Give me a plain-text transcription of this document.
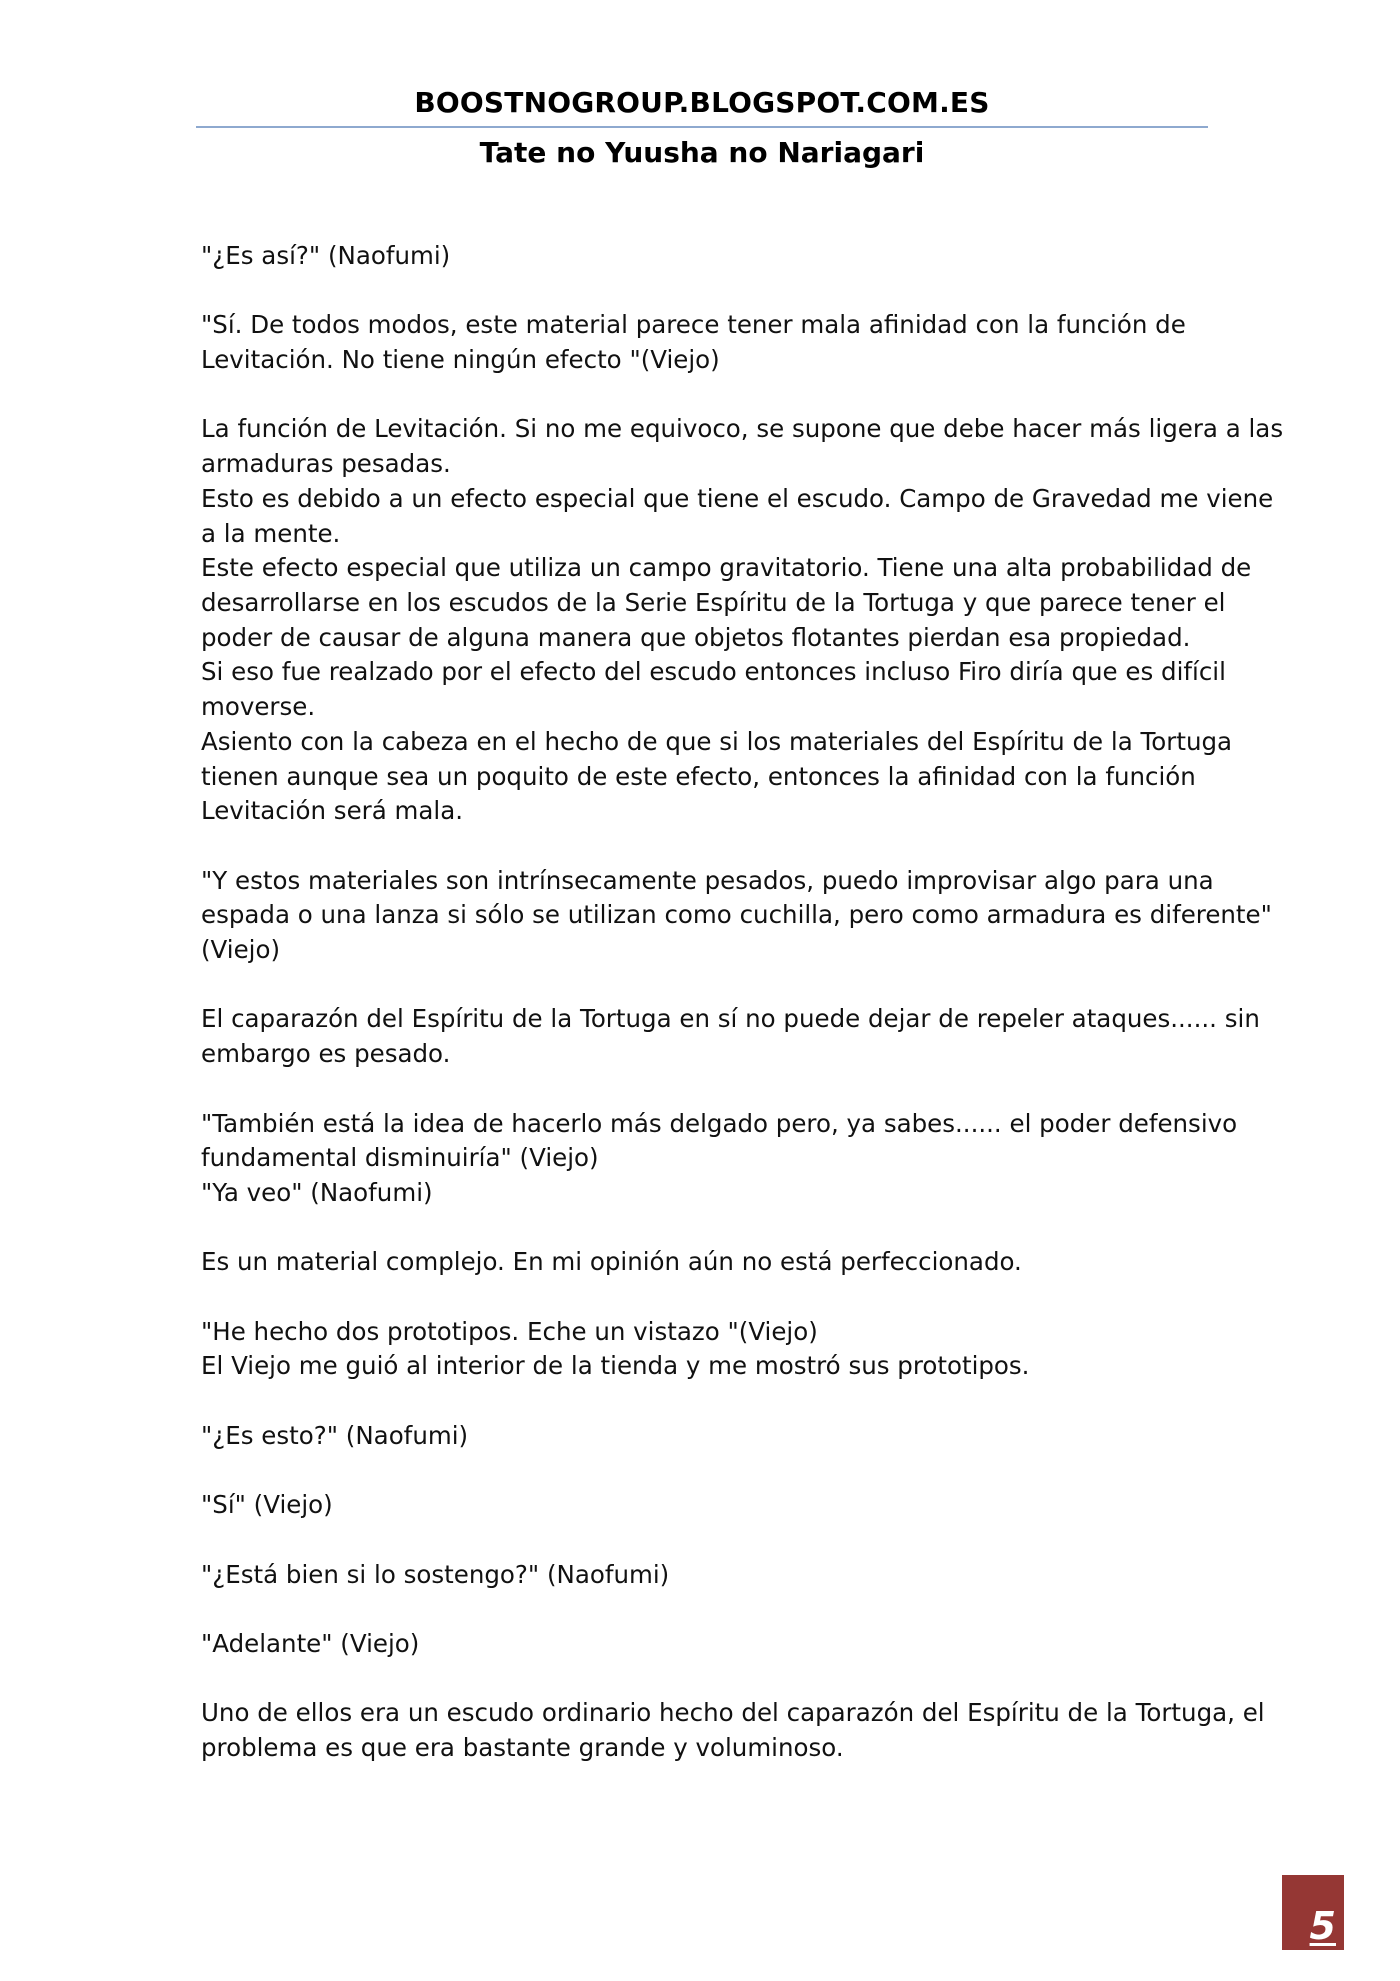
BOOSTNOGROUP.BLOGSPOT.COM.ES
Tate no Yuusha no Nariagari
"¿Es así?" (Naofumi)
"Sí. De todos modos, este material parece tener mala afinidad con la función de
Levitación. No tiene ningún efecto "(Viejo)
La función de Levitación. Si no me equivoco, se supone que debe hacer más ligera a las
armaduras pesadas.
Esto es debido a un efecto especial que tiene el escudo. Campo de Gravedad me viene
a la mente.
Este efecto especial que utiliza un campo gravitatorio. Tiene una alta probabilidad de
desarrollarse en los escudos de la Serie Espíritu de la Tortuga y que parece tener el
poder de causar de alguna manera que objetos flotantes pierdan esa propiedad.
Si eso fue realzado por el efecto del escudo entonces incluso Firo diría que es difícil
moverse.
Asiento con la cabeza en el hecho de que si los materiales del Espíritu de la Tortuga
tienen aunque sea un poquito de este efecto, entonces la afinidad con la función
Levitación será mala.
"Y estos materiales son intrínsecamente pesados, puedo improvisar algo para una
espada o una lanza si sólo se utilizan como cuchilla, pero como armadura es diferente"
(Viejo)
El caparazón del Espíritu de la Tortuga en sí no puede dejar de repeler ataques...... sin
embargo es pesado.
"También está la idea de hacerlo más delgado pero, ya sabes...... el poder defensivo
fundamental disminuiría" (Viejo)
"Ya veo" (Naofumi)
Es un material complejo. En mi opinión aún no está perfeccionado.
"He hecho dos prototipos. Eche un vistazo "(Viejo)
El Viejo me guió al interior de la tienda y me mostró sus prototipos.
"¿Es esto?" (Naofumi)
"Sí" (Viejo)
"¿Está bien si lo sostengo?" (Naofumi)
"Adelante" (Viejo)
Uno de ellos era un escudo ordinario hecho del caparazón del Espíritu de la Tortuga, el
problema es que era bastante grande y voluminoso.
5
